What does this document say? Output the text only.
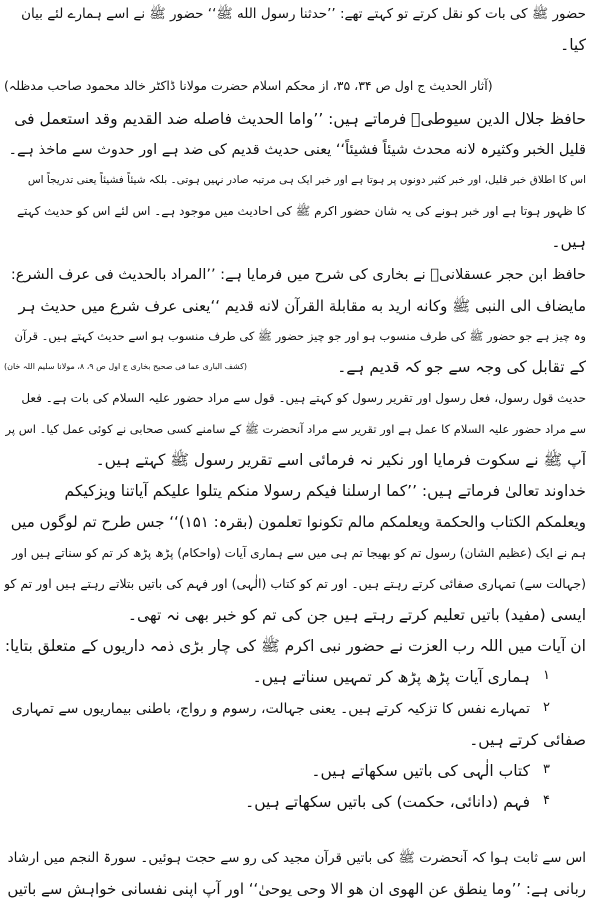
حضور ﷺ کی بات کو نقل کرتے تو کہتے تھے: ’’حدثنا رسول الله ﷺ‘‘ حضور ﷺ نے اسے ہمارے لئے بیان
کیا۔
(آثار الحدیث ج اول ص ۳۴، ۳۵، از محکم اسلام حضرت مولانا ڈاکٹر خالد محمود صاحب مدظلہ)
حافظ جلال الدین سیوطیؒ فرماتے ہیں: ’’واما الحدیث فاصله ضد القدیم وقد استعمل فی
قلیل الخبر وکثیرہ لانه محدث شیئاً فشیئاً‘‘ یعنی حدیث قدیم کی ضد ہے اور حدوث سے ماخذ ہے۔
اس کا اطلاق خبر قلیل، اور خبر کثیر دونوں پر ہوتا ہے اور خبر ایک ہی مرتبہ صادر نہیں ہوتی۔ بلکہ شیئاً فشیئاً یعنی تدریجاً اس
کا ظہور ہوتا ہے اور خبر ہونے کی یہ شان حضور اکرم ﷺ کی احادیث میں موجود ہے۔ اس لئے اس کو حدیث کہتے
ہیں۔
حافظ ابن حجر عسقلانیؒ نے بخاری کی شرح میں فرمایا ہے: ’’المراد بالحدیث فی عرف الشرع:
مایضاف الی النبی ﷺ وکانه ارید به مقابلة القرآن لانه قدیم ‘‘یعنی عرف شرع میں حدیث ہر
وہ چیز ہے جو حضور ﷺ کی طرف منسوب ہو اور جو چیز حضور ﷺ کی طرف منسوب ہو اسے حدیث کہتے ہیں۔ قرآن
کے تقابل کی وجہ سے جو کہ قدیم ہے۔
(کشف الباری عما فی صحیح بخاری ج اول ص ۹، ۸، مولانا سلیم اللہ خان)
حدیث قول رسول، فعل رسول اور تقریر رسول کو کہتے ہیں۔ قول سے مراد حضور علیہ السلام کی بات ہے۔ فعل
سے مراد حضور علیہ السلام کا عمل ہے اور تقریر سے مراد آنحضرت ﷺ کے سامنے کسی صحابی نے کوئی عمل کیا۔ اس پر
آپ ﷺ نے سکوت فرمایا اور نکیر نہ فرمائی اسے تقریر رسول ﷺ کہتے ہیں۔
خداوند تعالیٰ فرماتے ہیں: ’’کما ارسلنا فیکم رسولا منکم یتلوا علیکم آیاتنا ویزکیکم
ویعلمکم الکتاب والحکمة ویعلمکم مالم تکونوا تعلمون (بقرہ: ۱۵۱)‘‘ جس طرح تم لوگوں میں
ہم نے ایک (عظیم الشان) رسول تم کو بھیجا تم ہی میں سے ہماری آیات (واحکام) پڑھ پڑھ کر تم کو سناتے ہیں اور
(جہالت سے) تمہاری صفائی کرتے رہتے ہیں۔ اور تم کو کتاب (الٰہی) اور فہم کی باتیں بتلاتے رہتے ہیں اور تم کو
ایسی (مفید) باتیں تعلیم کرتے رہتے ہیں جن کی تم کو خبر بھی نہ تھی۔
ان آیات میں اللہ رب العزت نے حضور نبی اکرم ﷺ کی چار بڑی ذمہ داریوں کے متعلق بتایا:
۱
ہماری آیات پڑھ پڑھ کر تمہیں سناتے ہیں۔
۲
تمہارے نفس کا تزکیہ کرتے ہیں۔ یعنی جہالت، رسوم و رواج، باطنی بیماریوں سے تمہاری
صفائی کرتے ہیں۔
۳
کتاب الٰہی کی باتیں سکھاتے ہیں۔
۴
فہم (دانائی، حکمت) کی باتیں سکھاتے ہیں۔
اس سے ثابت ہوا کہ آنحضرت ﷺ کی باتیں قرآن مجید کی رو سے حجت ہوئیں۔ سورۃ النجم میں ارشاد
ربانی ہے: ’’وما ینطق عن الهوی ان هو الا وحی یوحیٰ‘‘ اور آپ اپنی نفسانی خواہش سے باتیں
